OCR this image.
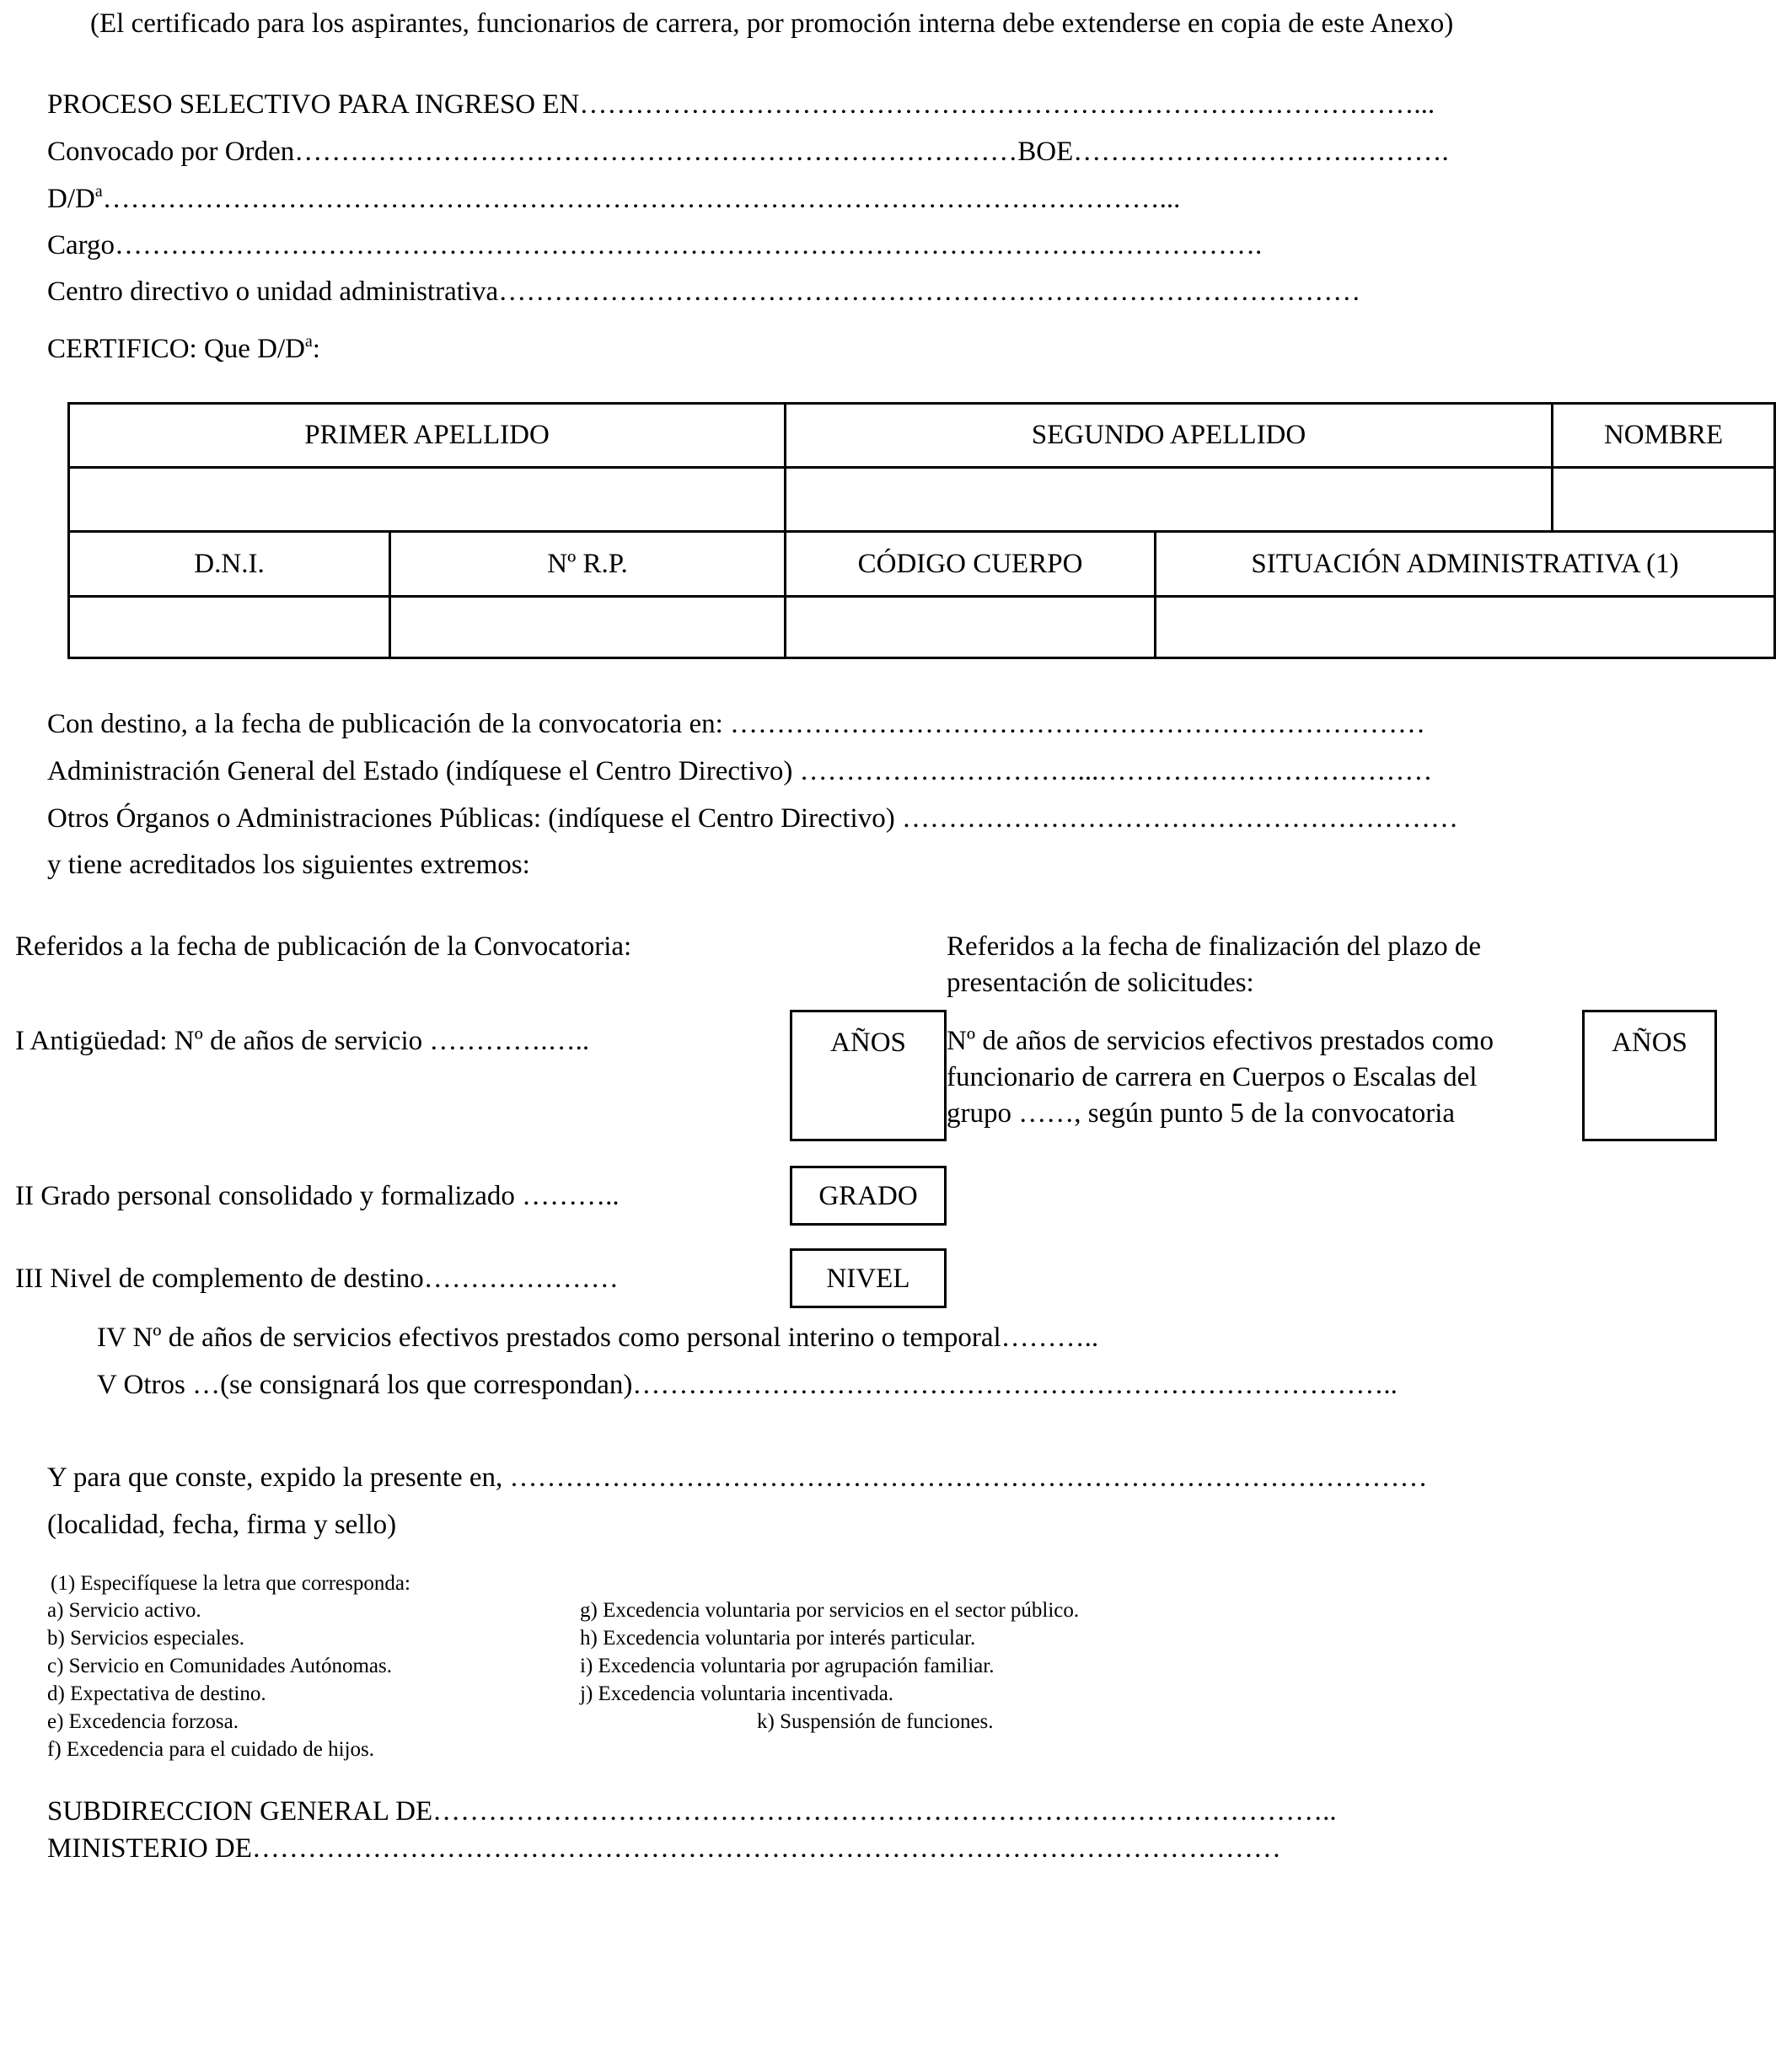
(El certificado para los aspirantes, funcionarios de carrera, por promoción interna debe extenderse en copia de este Anexo)
PROCESO SELECTIVO PARA INGRESO EN………………………………………………………………………………...
Convocado por Orden……………………………………………………………………BOE………………………….……….
$D/D^a\dots\dots\dots\dots\dots\dots\dots\dots\dots\dots\dots\dots\dots\dots\dots\dots\dots\dots\dots\dots\dots\dots\dots\dots\dots\dots\dots\dots\dots\dots\dots\dots\dots\dots\dots\dots\dots\dots$...
Cargo…………………………………………………………………………………………………………….
Centro directivo o unidad administrativa…………………………………………………………………………………
CERTIFICO: Que $D/D^a$:
PRIMER APELLIDO		SEGUNDO APELLIDO		NOMBRE

D.N.I.	Nº R.P.	CÓDIGO CUERPO	SITUACIÓN ADMINISTRATIVA (1)	

Con destino, a la fecha de publicación de la convocatoria en: …………………………………………………………………
Administración General del Estado (indíquese el Centro Directivo) …………………………...………………………………
Otros Órganos o Administraciones Públicas: (indíquese el Centro Directivo) ……………………………………………………
y tiene acreditados los siguientes extremos:
Referidos a la fecha de publicación de la Convocatoria:	Referidos a la fecha de finalización del plazo de
presentación de solicitudes:
I Antigüedad: Nº de años de servicio ………….…..	AÑOS	Nº de años de servicios efectivos prestados como
funcionario de carrera en Cuerpos o Escalas del
grupo ……, según punto 5 de la convocatoria
AÑOS
II Grado personal consolidado y formalizado ………..	GRADO
III Nivel de complemento de destino…………………	NIVEL
IV Nº de años de servicios efectivos prestados como personal interino o temporal………..
V Otros …(se consignará los que correspondan)………………………………………………………………………..
Y para que conste, expido la presente en, ………………………………………………………………………………………
(localidad, fecha, firma y sello)
(1) Especifíquese la letra que corresponda:
a) Servicio activo.
b) Servicios especiales.
c) Servicio en Comunidades Autónomas.
d) Expectativa de destino.
e) Excedencia forzosa.
f) Excedencia para el cuidado de hijos.
g) Excedencia voluntaria por servicios en el sector público.
h) Excedencia voluntaria por interés particular.
i) Excedencia voluntaria por agrupación familiar.
j) Excedencia voluntaria incentivada.
k) Suspensión de funciones.
SUBDIRECCION GENERAL DE……………………………………………………………………………………..
MINISTERIO DE…………………………………………………………………………………………………
